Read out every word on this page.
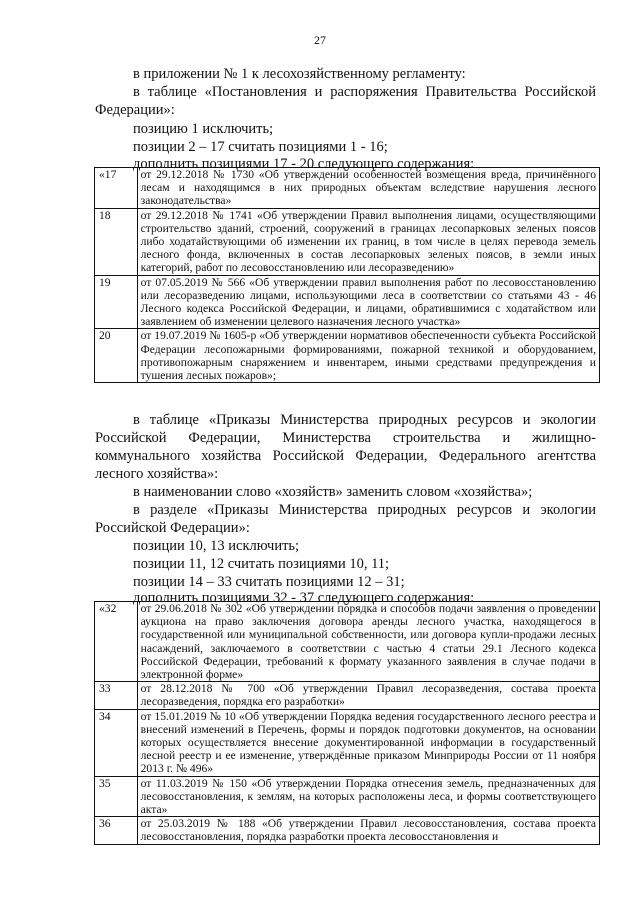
27
в приложении № 1 к лесохозяйственному регламенту:
в таблице «Постановления и распоряжения Правительства Российской
Федерации»:
позицию 1 исключить;
позиции 2 – 17 считать позициями 1 - 16;
дополнить позициями 17 - 20 следующего содержания:
«17	от 29.12.2018 № 1730 «Об утверждении особенностей возмещения вреда, причинённого лесам и находящимся в них природных объектам вследствие нарушения лесного законодательства»
18	от 29.12.2018 № 1741 «Об утверждении Правил выполнения лицами, осуществляющими строительство зданий, строений, сооружений в границах лесопарковых зеленых поясов либо ходатайствующими об изменении их границ, в том числе в целях перевода земель лесного фонда, включенных в состав лесопарковых зеленых поясов, в земли иных категорий, работ по лесовосстановлению или лесоразведению»
19	от 07.05.2019 № 566 «Об утверждении правил выполнения работ по лесовосстановлению или лесоразведению лицами, использующими леса в соответствии со статьями 43 - 46 Лесного кодекса Российской Федерации, и лицами, обратившимися с ходатайством или заявлением об изменении целевого назначения лесного участка»
20	от 19.07.2019 № 1605-р «Об утверждении нормативов обеспеченности субъекта Российской Федерации лесопожарными формированиями, пожарной техникой и оборудованием, противопожарным снаряжением и инвентарем, иными средствами предупреждения и тушения лесных пожаров»;
в таблице «Приказы Министерства природных ресурсов и экологии
Российской Федерации, Министерства строительства и жилищно-
коммунального хозяйства Российской Федерации, Федерального агентства
лесного хозяйства»:
в наименовании слово «хозяйств» заменить словом «хозяйства»;
в разделе «Приказы Министерства природных ресурсов и экологии
Российской Федерации»:
позиции 10, 13 исключить;
позиции 11, 12 считать позициями 10, 11;
позиции 14 – 33 считать позициями 12 – 31;
дополнить позициями 32 - 37 следующего содержания:
«32	от 29.06.2018 № 302 «Об утверждении порядка и способов подачи заявления о проведении аукциона на право заключения договора аренды лесного участка, находящегося в государственной или муниципальной собственности, или договора купли-продажи лесных насаждений, заключаемого в соответствии с частью 4 статьи 29.1 Лесного кодекса Российской Федерации, требований к формату указанного заявления в случае подачи в электронной форме»
33	от 28.12.2018 № 700 «Об утверждении Правил лесоразведения, состава проекта лесоразведения, порядка его разработки»
34	от 15.01.2019 № 10 «Об утверждении Порядка ведения государственного лесного реестра и внесений изменений в Перечень, формы и порядок подготовки документов, на основании которых осуществляется внесение документированной информации в государственный лесной реестр и ее изменение, утверждённые приказом Минприроды России от 11 ноября 2013 г. № 496»
35	от 11.03.2019 № 150 «Об утверждении Порядка отнесения земель, предназначенных для лесовосстановления, к землям, на которых расположены леса, и формы соответствующего акта»
36	от 25.03.2019 № 188 «Об утверждении Правил лесовосстановления, состава проекта лесовосстановления, порядка разработки проекта лесовосстановления и
